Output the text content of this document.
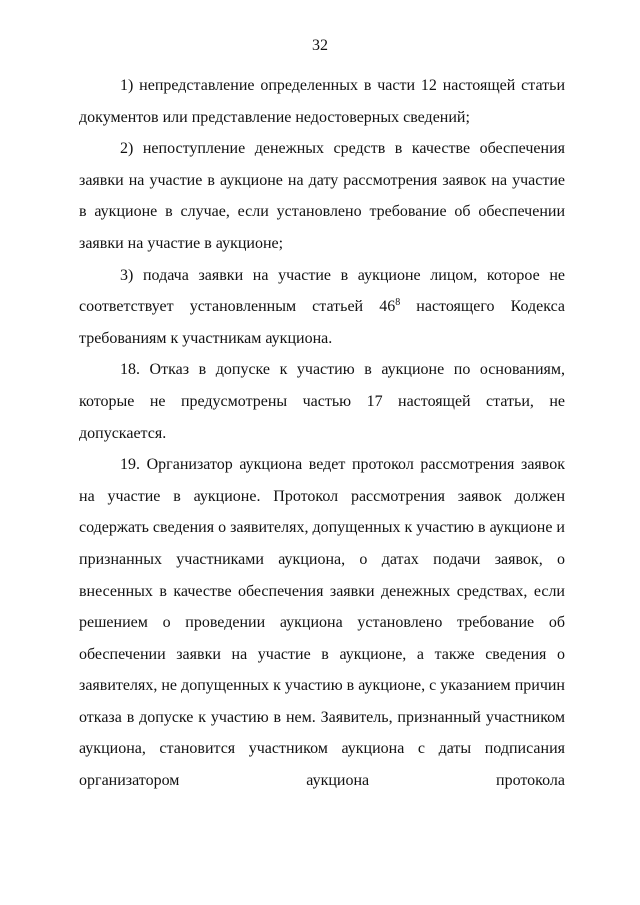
32

1) непредставление определенных в части 12 настоящей статьи документов или представление недостоверных сведений;

2) непоступление денежных средств в качестве обеспечения заявки на участие в аукционе на дату рассмотрения заявок на участие в аукционе в случае, если установлено требование об обеспечении заявки на участие в аукционе;

3) подача заявки на участие в аукционе лицом, которое не соответствует установленным статьей $46^8$ настоящего Кодекса требованиям к участникам аукциона.

18. Отказ в допуске к участию в аукционе по основаниям, которые не предусмотрены частью 17 настоящей статьи, не допускается.

19. Организатор аукциона ведет протокол рассмотрения заявок на участие в аукционе. Протокол рассмотрения заявок должен содержать сведения о заявителях, допущенных к участию в аукционе и признанных участниками аукциона, о датах подачи заявок, о внесенных в качестве обеспечения заявки денежных средствах, если решением о проведении аукциона установлено требование об обеспечении заявки на участие в аукционе, а также сведения о заявителях, не допущенных к участию в аукционе, с указанием причин отказа в допуске к участию в нем. Заявитель, признанный участником аукциона, становится участником аукциона с даты подписания организатором аукциона протокола
